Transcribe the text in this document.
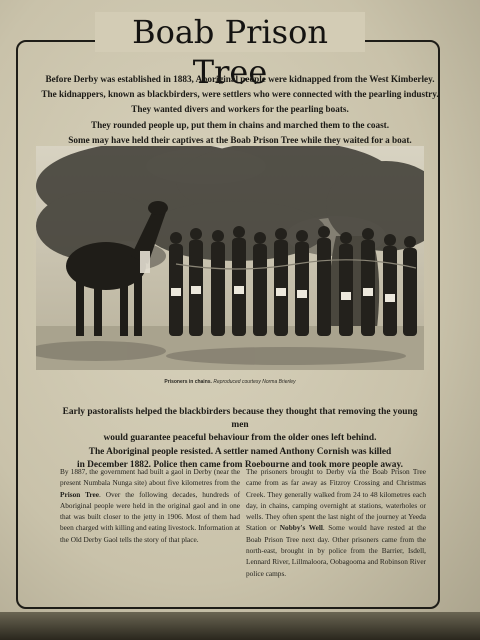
Boab Prison Tree

Before Derby was established in 1883, Aboriginal people were kidnapped from the West Kimberley.
The kidnappers, known as blackbirders, were settlers who were connected with the pearling industry.
They wanted divers and workers for the pearling boats.
They rounded people up, put them in chains and marched them to the coast.
Some may have held their captives at the Boab Prison Tree while they waited for a boat.

Prisoners in chains. Reproduced courtesy Norma Brierley

Early pastoralists helped the blackbirders because they thought that removing the young men
would guarantee peaceful behaviour from the older ones left behind.
The Aboriginal people resisted. A settler named Anthony Cornish was killed
in December 1882. Police then came from Roebourne and took more people away.

By 1887, the government had built a gaol in Derby (near the present Numbala Nunga site) about five kilometres from the Prison Tree. Over the following decades, hundreds of Aboriginal people were held in the original gaol and in one that was built closer to the jetty in 1906. Most of them had been charged with killing and eating livestock. Information at the Old Derby Gaol tells the story of that place.

The prisoners brought to Derby via the Boab Prison Tree came from as far away as Fitzroy Crossing and Christmas Creek. They generally walked from 24 to 48 kilometres each day, in chains, camping overnight at stations, waterholes or wells. They often spent the last night of the journey at Yeeda Station or Nobby's Well. Some would have rested at the Boab Prison Tree next day. Other prisoners came from the north-east, brought in by police from the Barrier, Isdell, Lennard River, Lillmaloora, Oobagooma and Robinson River police camps.
